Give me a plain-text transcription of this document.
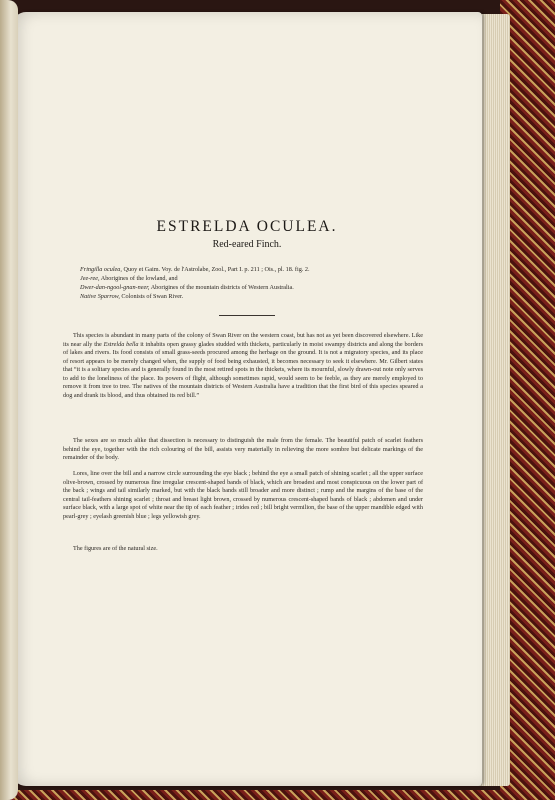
ESTRELDA OCULEA.
Red-eared Finch.
Fringilla oculea, Quoy et Gaim. Voy. de l'Astrolabe, Zool., Part I. p. 211 ; Ois., pl. 18. fig. 2.
Jee-ree, Aborigines of the lowland, and
Dwer-dan-ngool-gnan-neer, Aborigines of the mountain districts of Western Australia.
Native Sparrow, Colonists of Swan River.

This species is abundant in many parts of the colony of Swan River on the western coast, but has not as yet been discovered elsewhere. Like its near ally the Estrelda bella it inhabits open grassy glades studded with thickets, particularly in moist swampy districts and along the borders of lakes and rivers. Its food consists of small grass-seeds procured among the herbage on the ground. It is not a migratory species, and its place of resort appears to be merely changed when, the supply of food being exhausted, it becomes necessary to seek it elsewhere. Mr. Gilbert states that “it is a solitary species and is generally found in the most retired spots in the thickets, where its mournful, slowly drawn-out note only serves to add to the loneliness of the place. Its powers of flight, although sometimes rapid, would seem to be feeble, as they are merely employed to remove it from tree to tree. The natives of the mountain districts of Western Australia have a tradition that the first bird of this species speared a dog and drank its blood, and thus obtained its red bill.”

The sexes are so much alike that dissection is necessary to distinguish the male from the female. The beautiful patch of scarlet feathers behind the eye, together with the rich colouring of the bill, assists very materially in relieving the more sombre but delicate markings of the remainder of the body.

Lores, line over the bill and a narrow circle surrounding the eye black ; behind the eye a small patch of shining scarlet ; all the upper surface olive-brown, crossed by numerous fine irregular crescent-shaped bands of black, which are broadest and most conspicuous on the lower part of the back ; wings and tail similarly marked, but with the black bands still broader and more distinct ; rump and the margins of the base of the central tail-feathers shining scarlet ; throat and breast light brown, crossed by numerous crescent-shaped bands of black ; abdomen and under surface black, with a large spot of white near the tip of each feather ; irides red ; bill bright vermilion, the base of the upper mandible edged with pearl-grey ; eyelash greenish blue ; legs yellowish grey.

The figures are of the natural size.
